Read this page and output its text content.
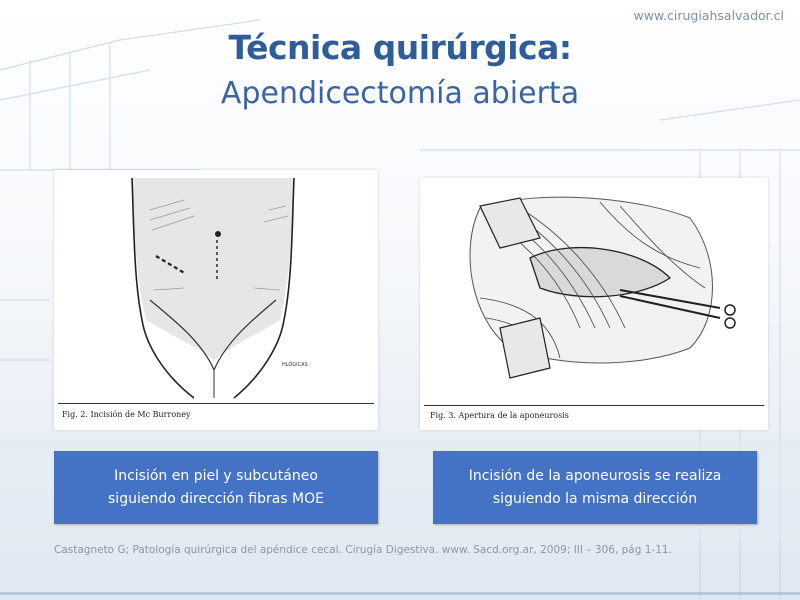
www.cirugiahsalvador.cl
Técnica quirúrgica:
Apendicectomía abierta
HLÓGICAS
Fig. 2. Incisión de Mc Burroney	Fig. 3. Apertura de la aponeurosis
Incisión en piel y subcutáneo
siguiendo dirección fibras MOE
Incisión de la aponeurosis se realiza
siguiendo la misma dirección
Castagneto G; Patología quirúrgica del apéndice cecal. Cirugía Digestiva. www. Sacd.org.ar, 2009; III – 306, pág 1-11.
